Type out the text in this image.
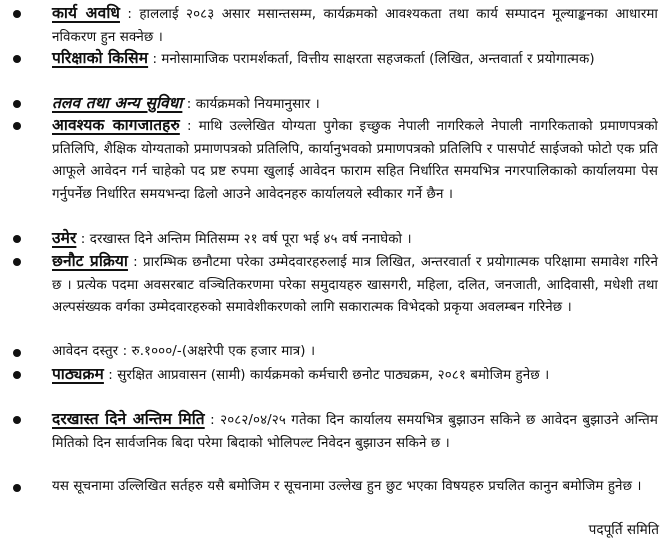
कार्य अवधि : हाललाई २०८३ असार मसान्तसम्म, कार्यक्रमको आवश्यकता तथा कार्य सम्पादन मूल्याङ्कनका आधारमा नविकरण हुन सक्नेछ ।
परिक्षाको किसिम : मनोसामाजिक परामर्शकर्ता, वित्तीय साक्षरता सहजकर्ता (लिखित, अन्तवार्ता र प्रयोगात्मक)
तलव तथा अन्य सुविधा : कार्यक्रमको नियमानुसार ।
आवश्यक कागजातहरु : माथि उल्लेखित योग्यता पुगेका इच्छुक नेपाली नागरिकले नेपाली नागरिकताको प्रमाणपत्रको प्रतिलिपि, शैक्षिक योग्यताको प्रमाणपत्रको प्रतिलिपि, कार्यानुभवको प्रमाणपत्रको प्रतिलिपि र पासपोर्ट साईजको फोटो एक प्रति आफूले आवेदन गर्न चाहेको पद प्रष्ट रुपमा खुलाई आवेदन फाराम सहित निर्धारित समयभित्र नगरपालिकाको कार्यालयमा पेस गर्नुपर्नेछ निर्धारित समयभन्दा ढिलो आउने आवेदनहरु कार्यालयले स्वीकार गर्ने छैन ।
उमेर : दरखास्त दिने अन्तिम मितिसम्म २१ वर्ष पूरा भई ४५ वर्ष ननाघेको ।
छनौट प्रक्रिया : प्रारम्भिक छनौटमा परेका उम्मेदवारहरुलाई मात्र लिखित, अन्तरवार्ता र प्रयोगात्मक परिक्षामा समावेश गरिने छ । प्रत्येक पदमा अवसरबाट वञ्चितिकरणमा परेका समुदायहरु खासगरी, महिला, दलित, जनजाती, आदिवासी, मधेशी तथा अल्पसंख्यक वर्गका उम्मेदवारहरुको समावेशीकरणको लागि सकारात्मक विभेदको प्रकृया अवलम्बन गरिनेछ ।
आवेदन दस्तुर : रु.१०००/-(अक्षरेपी एक हजार मात्र) ।
पाठ्यक्रम : सुरक्षित आप्रवासन (सामी) कार्यक्रमको कर्मचारी छनोट पाठ्यक्रम, २०८१ बमोजिम हुनेछ ।
दरखास्त दिने अन्तिम मिति : २०८२/०४/२५ गतेका दिन कार्यालय समयभित्र बुझाउन सकिने छ आवेदन बुझाउने अन्तिम मितिको दिन सार्वजनिक बिदा परेमा बिदाको भोलिपल्ट निवेदन बुझाउन सकिने छ ।
यस सूचनामा उल्लिखित सर्तहरु यसै बमोजिम र सूचनामा उल्लेख हुन छुट भएका विषयहरु प्रचलित कानुन बमोजिम हुनेछ ।
पदपूर्ति समिति
